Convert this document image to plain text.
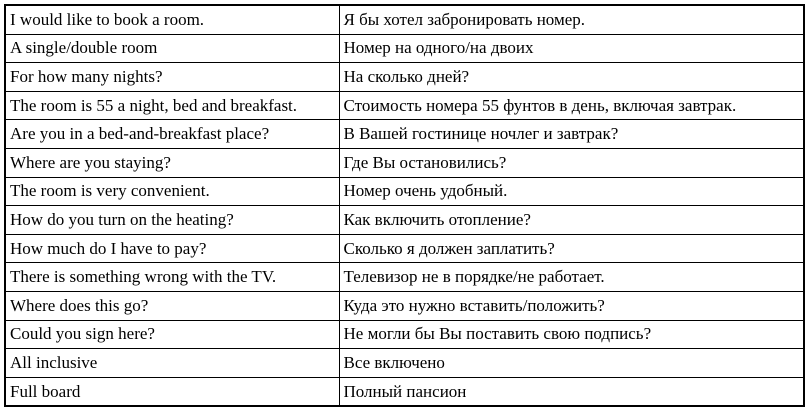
I would like to book a room.	Я бы хотел забронировать номер.
A single/double room	Номер на одного/на двоих
For how many nights?	На сколько дней?
The room is 55 a night, bed and breakfast.	Стоимость номера 55 фунтов в день, включая завтрак.
Are you in a bed-and-breakfast place?	В Вашей гостинице ночлег и завтрак?
Where are you staying?	Где Вы остановились?
The room is very convenient.	Номер очень удобный.
How do you turn on the heating?	Как включить отопление?
How much do I have to pay?	Сколько я должен заплатить?
There is something wrong with the TV.	Телевизор не в порядке/не работает.
Where does this go?	Куда это нужно вставить/положить?
Could you sign here?	Не могли бы Вы поставить свою подпись?
All inclusive	Все включено
Full board	Полный пансион
